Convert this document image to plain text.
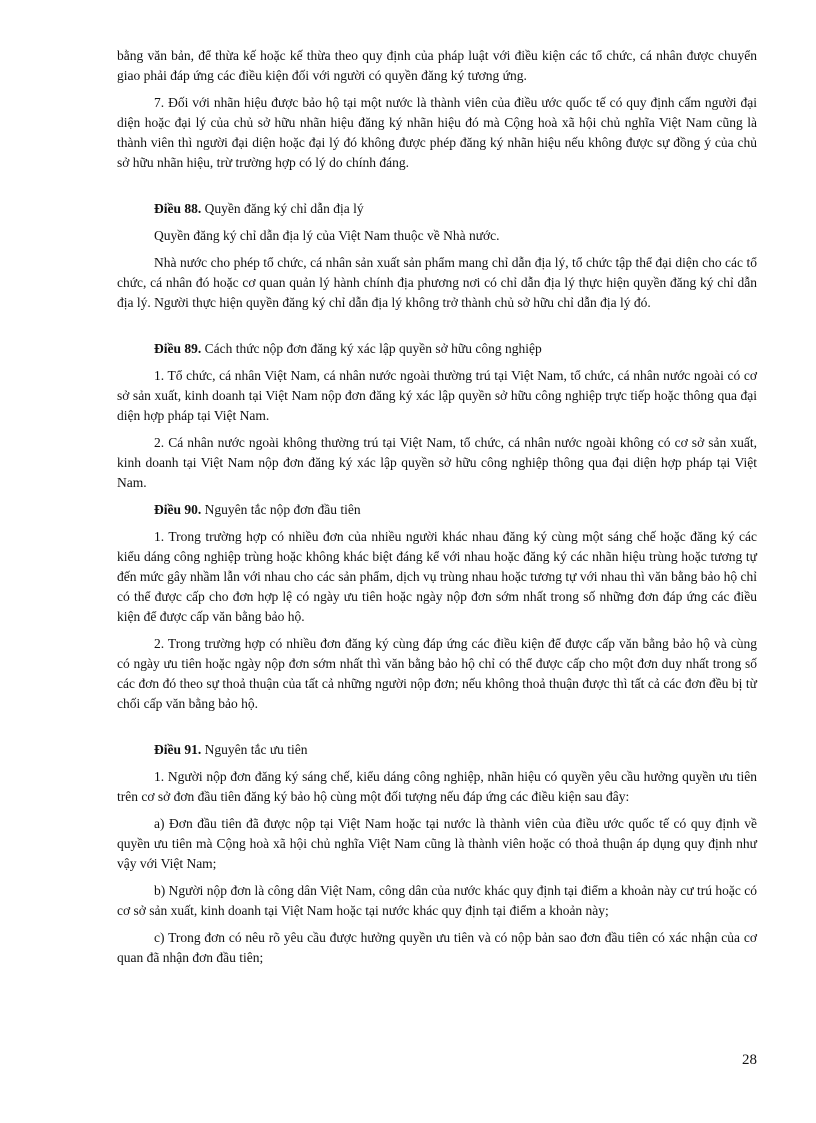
bằng văn bản, để thừa kế hoặc kế thừa theo quy định của pháp luật với điều kiện các tổ chức, cá nhân được chuyển giao phải đáp ứng các điều kiện đối với người có quyền đăng ký tương ứng.

7. Đối với nhãn hiệu được bảo hộ tại một nước là thành viên của điều ước quốc tế có quy định cấm người đại diện hoặc đại lý của chủ sở hữu nhãn hiệu đăng ký nhãn hiệu đó mà Cộng hoà xã hội chủ nghĩa Việt Nam cũng là thành viên thì người đại diện hoặc đại lý đó không được phép đăng ký nhãn hiệu nếu không được sự đồng ý của chủ sở hữu nhãn hiệu, trừ trường hợp có lý do chính đáng.

Điều 88. Quyền đăng ký chỉ dẫn địa lý

Quyền đăng ký chỉ dẫn địa lý của Việt Nam thuộc về Nhà nước.

Nhà nước cho phép tổ chức, cá nhân sản xuất sản phẩm mang chỉ dẫn địa lý, tổ chức tập thể đại diện cho các tổ chức, cá nhân đó hoặc cơ quan quản lý hành chính địa phương nơi có chỉ dẫn địa lý thực hiện quyền đăng ký chỉ dẫn địa lý. Người thực hiện quyền đăng ký chỉ dẫn địa lý không trở thành chủ sở hữu chỉ dẫn địa lý đó.

Điều 89. Cách thức nộp đơn đăng ký xác lập quyền sở hữu công nghiệp

1. Tổ chức, cá nhân Việt Nam, cá nhân nước ngoài thường trú tại Việt Nam, tổ chức, cá nhân nước ngoài có cơ sở sản xuất, kinh doanh tại Việt Nam nộp đơn đăng ký xác lập quyền sở hữu công nghiệp trực tiếp hoặc thông qua đại diện hợp pháp tại Việt Nam.

2. Cá nhân nước ngoài không thường trú tại Việt Nam, tổ chức, cá nhân nước ngoài không có cơ sở sản xuất, kinh doanh tại Việt Nam nộp đơn đăng ký xác lập quyền sở hữu công nghiệp thông qua đại diện hợp pháp tại Việt Nam.

Điều 90. Nguyên tắc nộp đơn đầu tiên

1. Trong trường hợp có nhiều đơn của nhiều người khác nhau đăng ký cùng một sáng chế hoặc đăng ký các kiểu dáng công nghiệp trùng hoặc không khác biệt đáng kể với nhau hoặc đăng ký các nhãn hiệu trùng hoặc tương tự đến mức gây nhầm lẫn với nhau cho các sản phẩm, dịch vụ trùng nhau hoặc tương tự với nhau thì văn bằng bảo hộ chỉ có thể được cấp cho đơn hợp lệ có ngày ưu tiên hoặc ngày nộp đơn sớm nhất trong số những đơn đáp ứng các điều kiện để được cấp văn bằng bảo hộ.

2. Trong trường hợp có nhiều đơn đăng ký cùng đáp ứng các điều kiện để được cấp văn bằng bảo hộ và cùng có ngày ưu tiên hoặc ngày nộp đơn sớm nhất thì văn bằng bảo hộ chỉ có thể được cấp cho một đơn duy nhất trong số các đơn đó theo sự thoả thuận của tất cả những người nộp đơn; nếu không thoả thuận được thì tất cả các đơn đều bị từ chối cấp văn bằng bảo hộ.

Điều 91. Nguyên tắc ưu tiên

1. Người nộp đơn đăng ký sáng chế, kiểu dáng công nghiệp, nhãn hiệu có quyền yêu cầu hưởng quyền ưu tiên trên cơ sở đơn đầu tiên đăng ký bảo hộ cùng một đối tượng nếu đáp ứng các điều kiện sau đây:

a) Đơn đầu tiên đã được nộp tại Việt Nam hoặc tại nước là thành viên của điều ước quốc tế có quy định về quyền ưu tiên mà Cộng hoà xã hội chủ nghĩa Việt Nam cũng là thành viên hoặc có thoả thuận áp dụng quy định như vậy với Việt Nam;

b) Người nộp đơn là công dân Việt Nam, công dân của nước khác quy định tại điểm a khoản này cư trú hoặc có cơ sở sản xuất, kinh doanh tại Việt Nam hoặc tại nước khác quy định tại điểm a khoản này;

c) Trong đơn có nêu rõ yêu cầu được hưởng quyền ưu tiên và có nộp bản sao đơn đầu tiên có xác nhận của cơ quan đã nhận đơn đầu tiên;

28
